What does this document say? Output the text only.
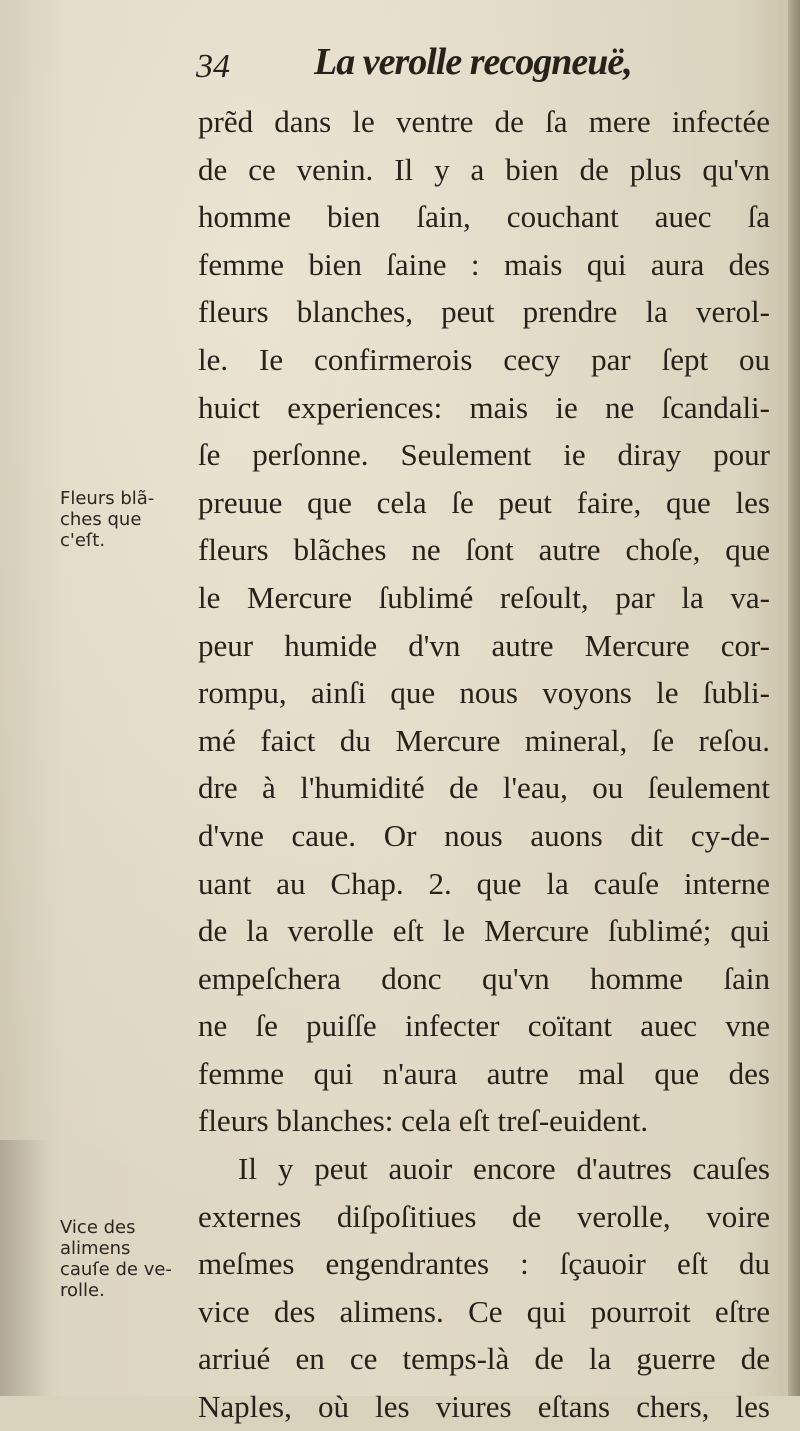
34 La verolle recogneuë,
prẽd dans le ventre de ſa mere infectée
de ce venin. Il y a bien de plus qu'vn
homme bien ſain, couchant auec ſa
femme bien ſaine : mais qui aura des
fleurs blanches, peut prendre la verol-
le. Ie confirmerois cecy par ſept ou
huict experiences: mais ie ne ſcandali-
ſe perſonne. Seulement ie diray pour
preuue que cela ſe peut faire, que les
fleurs blãches ne ſont autre choſe, que
le Mercure ſublimé reſoult, par la va-
peur humide d'vn autre Mercure cor-
rompu, ainſi que nous voyons le ſubli-
mé faict du Mercure mineral, ſe reſou.
dre à l'humidité de l'eau, ou ſeulement
d'vne caue. Or nous auons dit cy-de-
uant au Chap. 2. que la cauſe interne
de la verolle eſt le Mercure ſublimé; qui
empeſchera donc qu'vn homme ſain
ne ſe puiſſe infecter coïtant auec vne
femme qui n'aura autre mal que des
fleurs blanches: cela eſt treſ-euident.
Il y peut auoir encore d'autres cauſes
externes diſpoſitiues de verolle, voire
meſmes engendrantes : ſçauoir eſt du
vice des alimens. Ce qui pourroit eſtre
arriué en ce temps-là de la guerre de
Naples, où les viures eſtans chers, les
Fleurs blã-
ches que
c'eſt.
Vice des
alimens
cauſe de ve-
rolle.
